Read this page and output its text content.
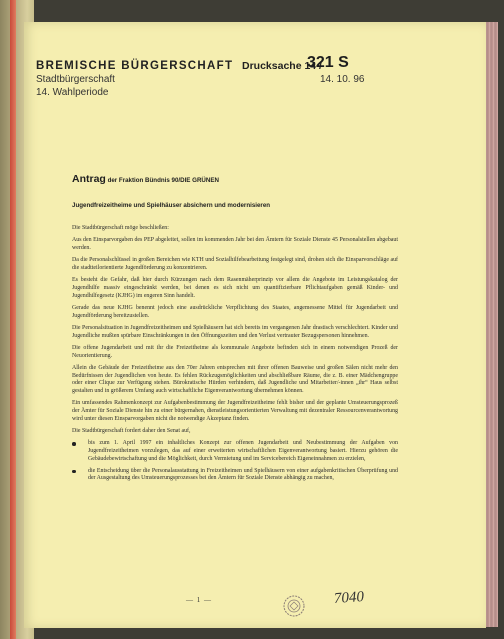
BREMISCHE BÜRGERSCHAFT
Stadtbürgerschaft
14. Wahlperiode
Drucksache 14 /
321 S
14. 10. 96
Antrag der Fraktion Bündnis 90/DIE GRÜNEN
Jugendfreizeitheime und Spielhäuser absichern und modernisieren

Die Stadtbürgerschaft möge beschließen:

Aus den Einsparvorgaben des PEP abgeleitet, sollen im kommenden Jahr bei den Ämtern für Soziale Dienste 45 Personalstellen abgebaut werden.

Da die Personalschlüssel in großen Bereichen wie KTH und Sozialhilfebearbeitung festgelegt sind, drohen sich die Einsparvorschläge auf die stadtteilorientierte Jugendförderung zu konzentrieren.

Es besteht die Gefahr, daß hier durch Kürzungen nach dem Rasenmäherprinzip vor allem die Angebote im Leistungskatalog der Jugendhilfe massiv eingeschränkt werden, bei denen es sich nicht um quantifizierbare Pflichtaufgaben gemäß Kinder- und Jugendhilfegesetz (KJHG) im engeren Sinn handelt.

Gerade das neue KJHG benennt jedoch eine ausdrückliche Verpflichtung des Staates, angemessene Mittel für Jugendarbeit und Jugendförderung bereitzustellen.

Die Personalsituation in Jugendfreizeitheimen und Spielhäusern hat sich bereits im vergangenen Jahr drastisch verschlechtert. Kinder und Jugendliche mußten spürbare Einschränkungen in den Öffnungszeiten und den Verlust vertrauter Bezugspersonen hinnehmen.

Die offene Jugendarbeit und mit ihr die Freizeitheime als kommunale Angebote befinden sich in einem notwendigen Prozeß der Neuorientierung.

Allein die Gebäude der Freizeitheime aus den 70er Jahren entsprechen mit ihrer offenen Bauweise und großen Sälen nicht mehr den Bedürfnissen der Jugendlichen von heute. Es fehlen Rückzugsmöglichkeiten und abschließbare Räume, die z. B. einer Mädchengruppe oder einer Clique zur Verfügung stehen. Bürokratische Hürden verhindern, daß Jugendliche und Mitarbeiter/-innen „ihr“ Haus selbst gestalten und in größerem Umfang auch wirtschaftliche Eigenverantwortung übernehmen können.

Ein umfassendes Rahmenkonzept zur Aufgabenbestimmung der Jugendfreizeitheime fehlt bisher und der geplante Umsteuerungsprozeß der Ämter für Soziale Dienste hin zu einer bürgernahen, dienstleistungsorientierten Verwaltung mit dezentraler Ressourcenverantwortung wird unter diesen Einsparvorgaben nicht die notwendige Akzeptanz finden.

Die Stadtbürgerschaft fordert daher den Senat auf,

bis zum 1. April 1997 ein inhaltliches Konzept zur offenen Jugendarbeit und Neubestimmung der Aufgaben von Jugendfreizeitheimen vorzulegen, das auf einer erweiterten wirtschaftlichen Eigenverantwortung basiert. Hierzu gehören die Gebäudebewirtschaftung und die Möglichkeit, durch Vermietung und im Servicebereich Eigeneinnahmen zu erzielen,
die Entscheidung über die Personalausstattung in Freizeitheimen und Spielhäusern von einer aufgabenkritischen Überprüfung und der Ausgestaltung des Umsteuerungsprozesses bei den Ämtern für Soziale Dienste abhängig zu machen,
— 1 —	7040
